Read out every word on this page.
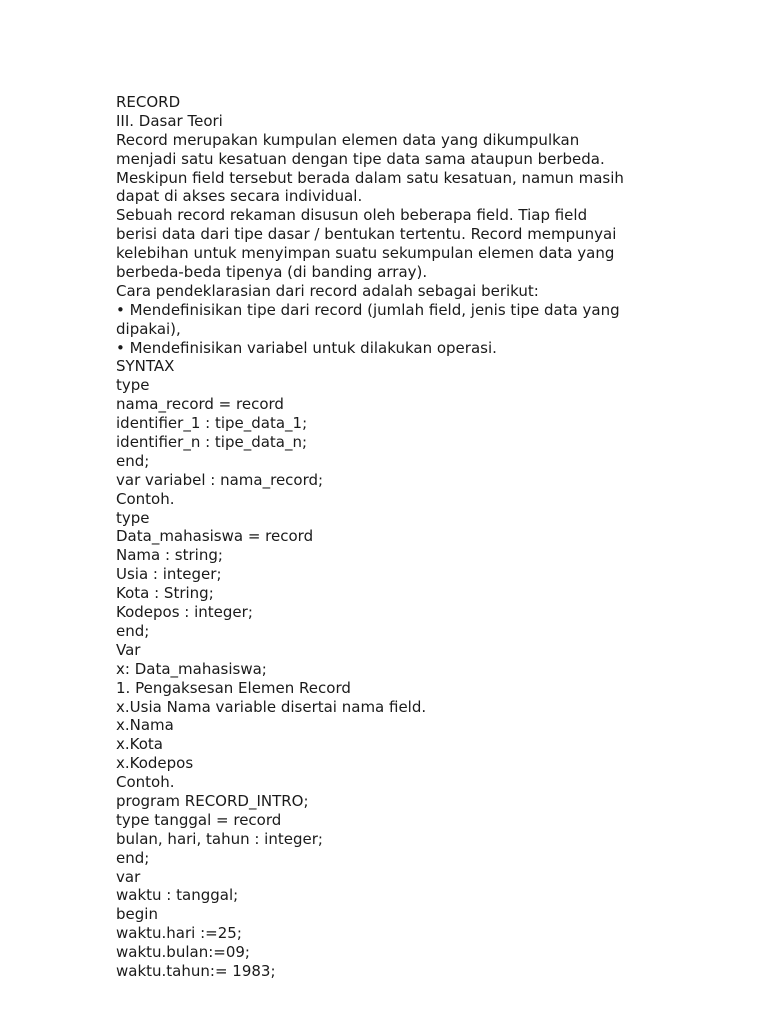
RECORD
III. Dasar Teori
Record merupakan kumpulan elemen data yang dikumpulkan
menjadi satu kesatuan dengan tipe data sama ataupun berbeda.
Meskipun field tersebut berada dalam satu kesatuan, namun masih
dapat di akses secara individual.
Sebuah record rekaman disusun oleh beberapa field. Tiap field
berisi data dari tipe dasar / bentukan tertentu. Record mempunyai
kelebihan untuk menyimpan suatu sekumpulan elemen data yang
berbeda-beda tipenya (di banding array).
Cara pendeklarasian dari record adalah sebagai berikut:
• Mendefinisikan tipe dari record (jumlah field, jenis tipe data yang
dipakai),
• Mendefinisikan variabel untuk dilakukan operasi.
SYNTAX
type
nama_record = record
identifier_1 : tipe_data_1;
identifier_n : tipe_data_n;
end;
var variabel : nama_record;
Contoh.
type
Data_mahasiswa = record
Nama : string;
Usia : integer;
Kota : String;
Kodepos : integer;
end;
Var
x: Data_mahasiswa;
1. Pengaksesan Elemen Record
x.Usia Nama variable disertai nama field.
x.Nama
x.Kota
x.Kodepos
Contoh.
program RECORD_INTRO;
type tanggal = record
bulan, hari, tahun : integer;
end;
var
waktu : tanggal;
begin
waktu.hari :=25;
waktu.bulan:=09;
waktu.tahun:= 1983;
